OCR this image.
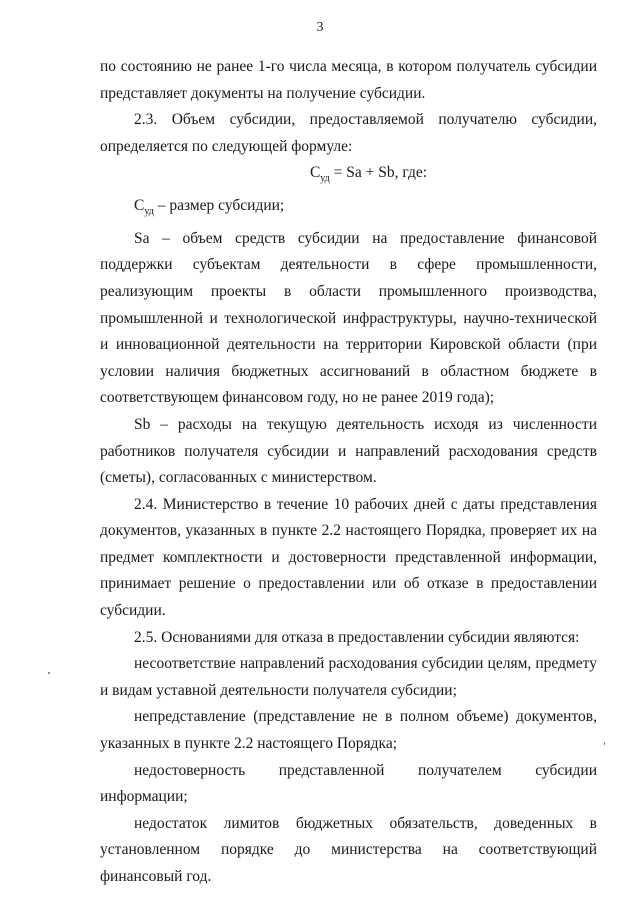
3

по состоянию не ранее 1-го числа месяца, в котором получатель субсидии представляет документы на получение субсидии.

2.3. Объем субсидии, предоставляемой получателю субсидии, определяется по следующей формуле:

$С_{уд} = Sa + Sb$, где:

$С_{уд}$ – размер субсидии;

Sa – объем средств субсидии на предоставление финансовой поддержки субъектам деятельности в сфере промышленности, реализующим проекты в области промышленного производства, промышленной и технологической инфраструктуры, научно-технической и инновационной деятельности на территории Кировской области (при условии наличия бюджетных ассигнований в областном бюджете в соответствующем финансовом году, но не ранее 2019 года);

Sb – расходы на текущую деятельность исходя из численности работников получателя субсидии и направлений расходования средств (сметы), согласованных с министерством.

2.4. Министерство в течение 10 рабочих дней с даты представления документов, указанных в пункте 2.2 настоящего Порядка, проверяет их на предмет комплектности и достоверности представленной информации, принимает решение о предоставлении или об отказе в предоставлении субсидии.

2.5. Основаниями для отказа в предоставлении субсидии являются:

несоответствие направлений расходования субсидии целям, предмету и видам уставной деятельности получателя субсидии;

непредставление (представление не в полном объеме) документов, указанных в пункте 2.2 настоящего Порядка;

недостоверность представленной получателем субсидии информации;

недостаток лимитов бюджетных обязательств, доведенных в установленном порядке до министерства на соответствующий финансовый год.
